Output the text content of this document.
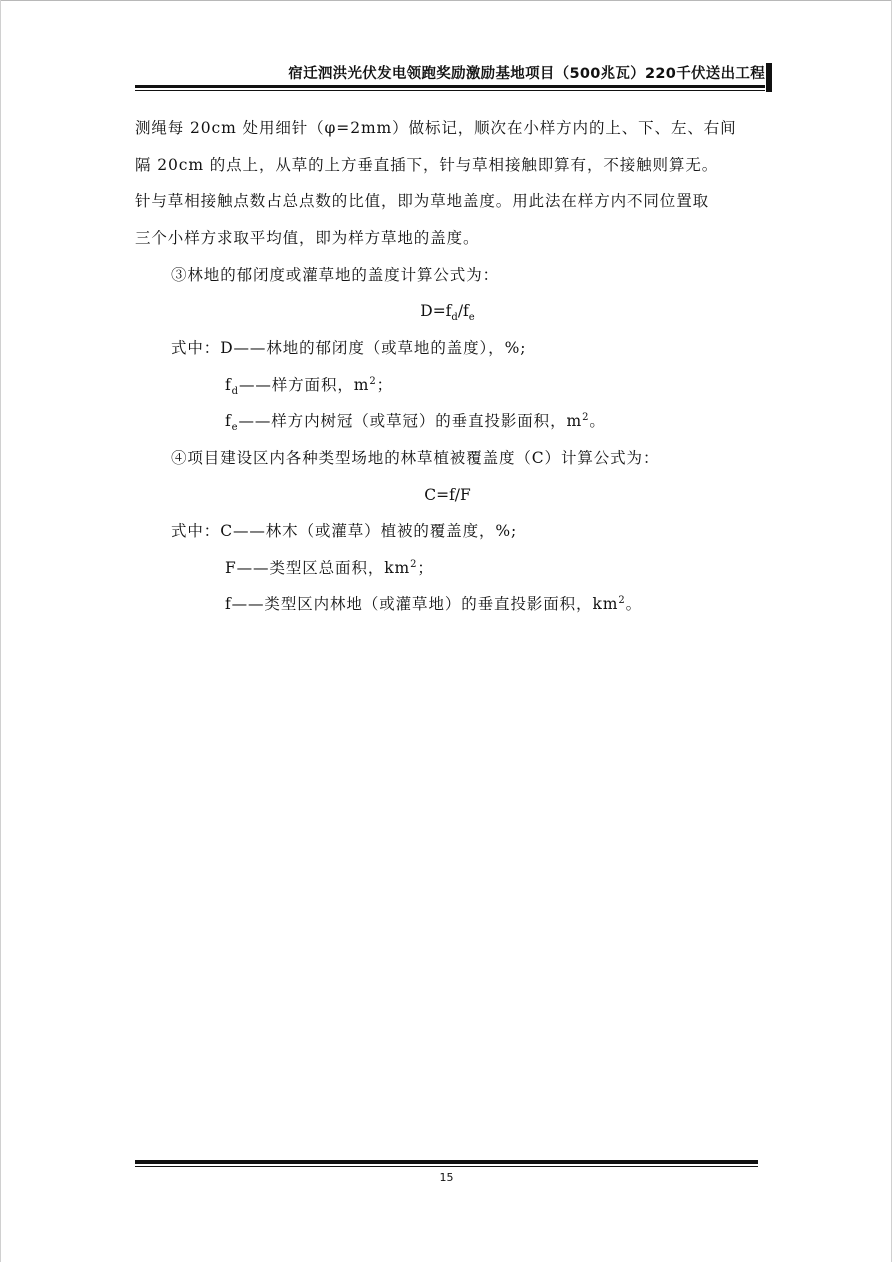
宿迁泗洪光伏发电领跑奖励激励基地项目（500兆瓦）220千伏送出工程
测绳每 20cm 处用细针（φ=2mm）做标记，顺次在小样方内的上、下、左、右间
隔 20cm 的点上，从草的上方垂直插下，针与草相接触即算有，不接触则算无。
针与草相接触点数占总点数的比值，即为草地盖度。用此法在样方内不同位置取
三个小样方求取平均值，即为样方草地的盖度。
③林地的郁闭度或灌草地的盖度计算公式为：
$D=f_d/f_e$
式中：D——林地的郁闭度（或草地的盖度），%;
$f_d——$样方面积，$m^2$；
$f_e——$样方内树冠（或草冠）的垂直投影面积，$m^2$。
④项目建设区内各种类型场地的林草植被覆盖度（C）计算公式为：
C=f/F
式中：C——林木（或灌草）植被的覆盖度，%;
F——类型区总面积，$km^2$；
f——类型区内林地（或灌草地）的垂直投影面积，$km^2$。
15
